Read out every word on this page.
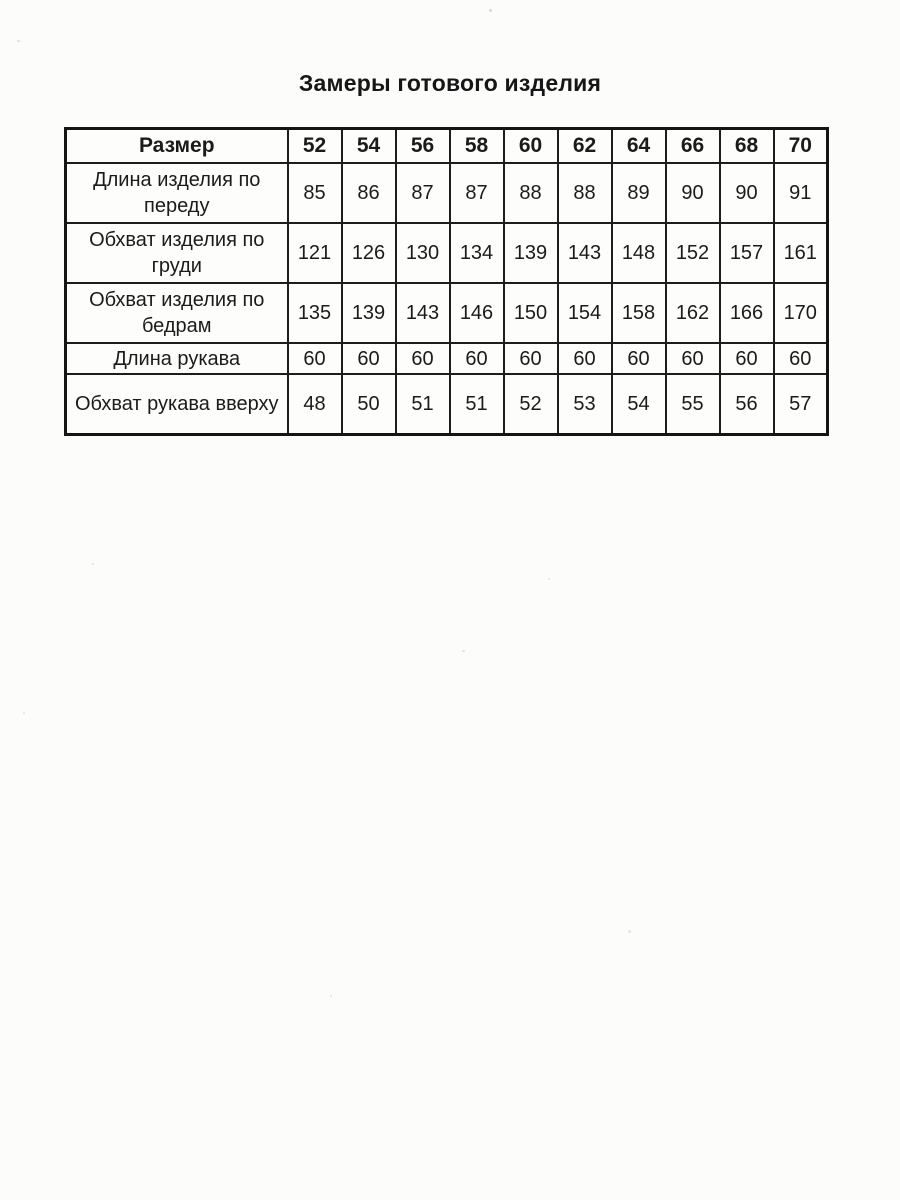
Замеры готового изделия
Размер	52	54	56	58	60	62	64	66	68	70
Длина изделия по переду	85	86	87	87	88	88	89	90	90	91
Обхват изделия по груди	121	126	130	134	139	143	148	152	157	161
Обхват изделия по бедрам	135	139	143	146	150	154	158	162	166	170
Длина рукава	60	60	60	60	60	60	60	60	60	60
Обхват рукава вверху	48	50	51	51	52	53	54	55	56	57
